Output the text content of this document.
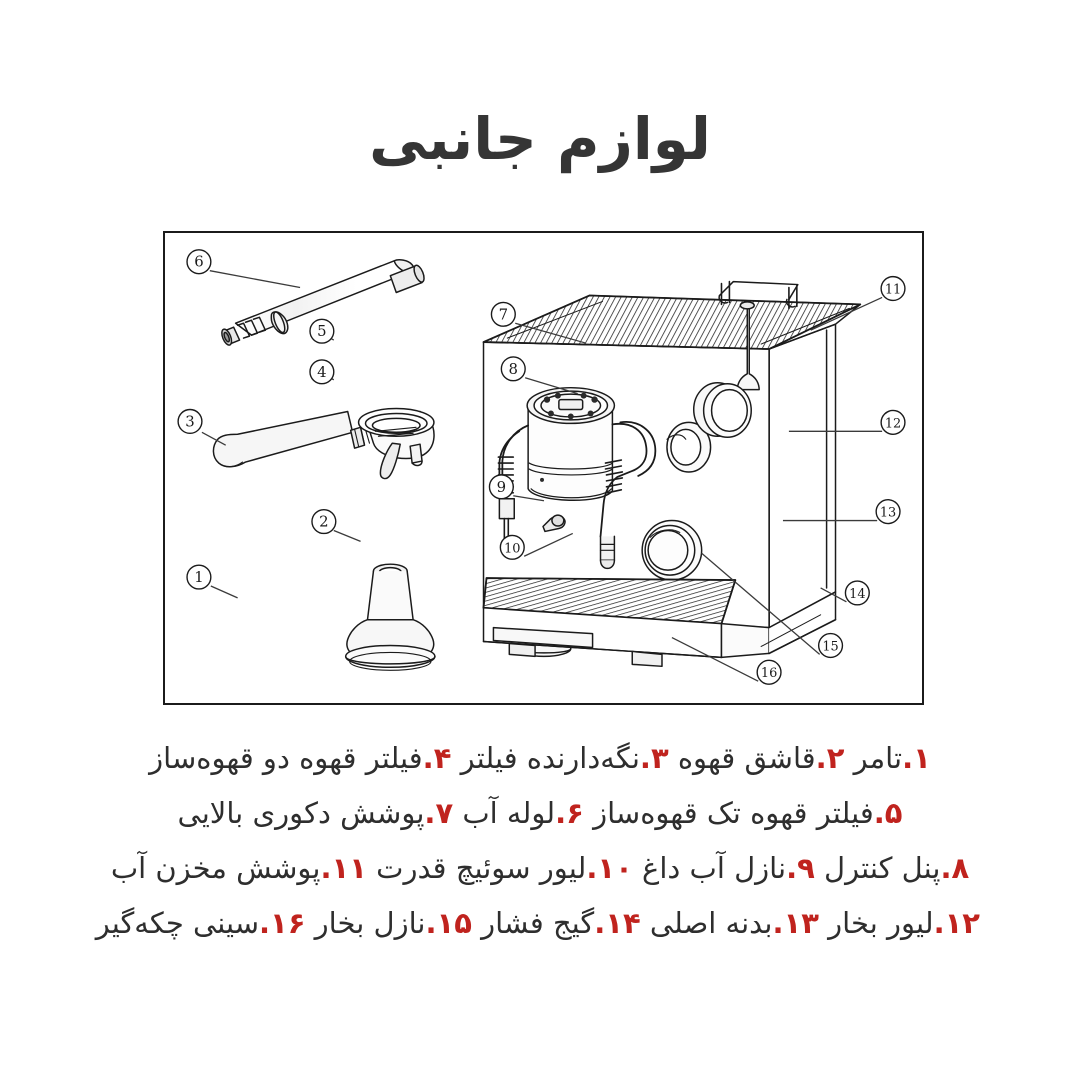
لوازم جانبی
6
5
4
3
2
1
7
8
9
10
11
12
13
14
15
16
۱.تامر ۲.قاشق قهوه ۳.نگه‌دارنده فیلتر ۴.فیلتر قهوه دو قهوه‌ساز
۵.فیلتر قهوه تک قهوه‌ساز ۶.لوله آب ۷.پوشش دکوری بالایی
۸.پنل کنترل ۹.نازل آب داغ ۱۰.لیور سوئیچ قدرت ۱۱.پوشش مخزن آب
۱۲.لیور بخار ۱۳.بدنه اصلی ۱۴.گیج فشار ۱۵.نازل بخار ۱۶.سینی چکه‌گیر
